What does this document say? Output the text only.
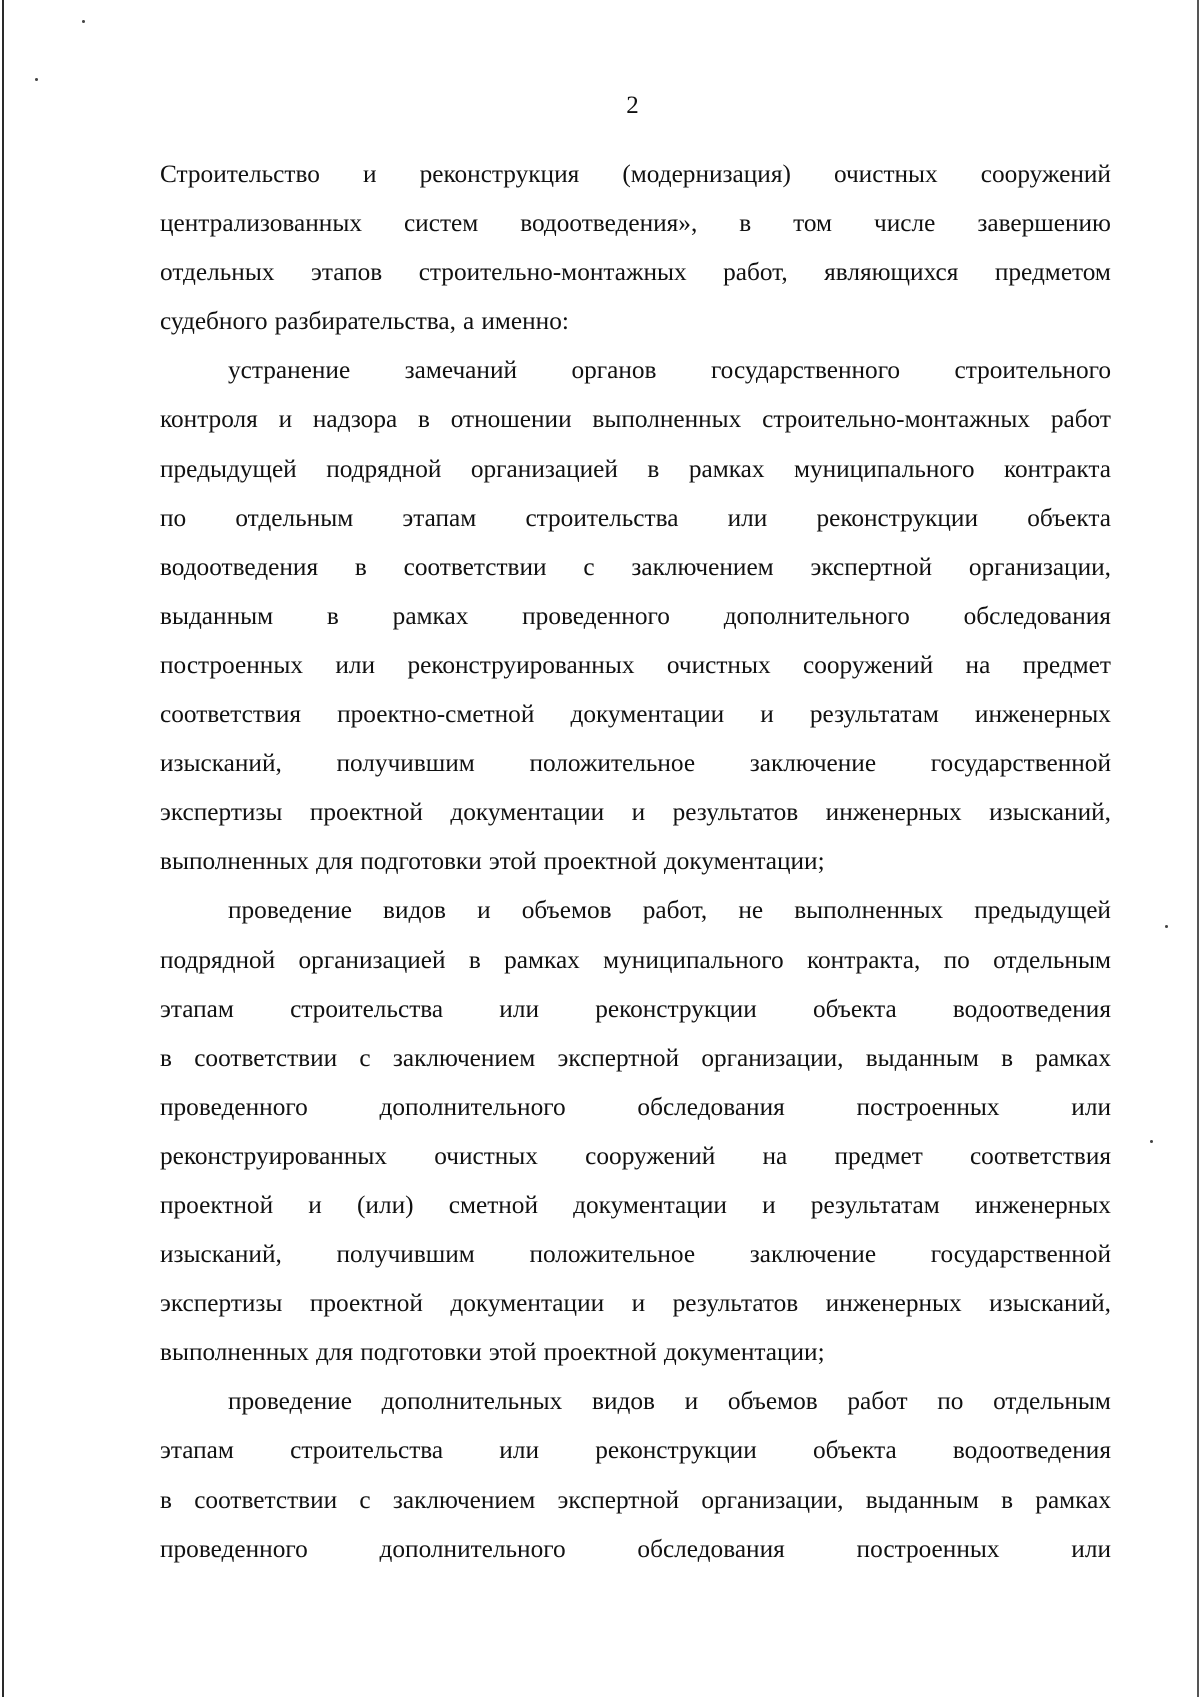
2
Строительство и реконструкция (модернизация) очистных сооружений
централизованных систем водоотведения», в том числе завершению
отдельных этапов строительно-монтажных работ, являющихся предметом
судебного разбирательства, а именно:
устранение замечаний органов государственного строительного
контроля и надзора в отношении выполненных строительно-монтажных работ
предыдущей подрядной организацией в рамках муниципального контракта
по отдельным этапам строительства или реконструкции объекта
водоотведения в соответствии с заключением экспертной организации,
выданным в рамках проведенного дополнительного обследования
построенных или реконструированных очистных сооружений на предмет
соответствия проектно-сметной документации и результатам инженерных
изысканий, получившим положительное заключение государственной
экспертизы проектной документации и результатов инженерных изысканий,
выполненных для подготовки этой проектной документации;
проведение видов и объемов работ, не выполненных предыдущей
подрядной организацией в рамках муниципального контракта, по отдельным
этапам строительства или реконструкции объекта водоотведения
в соответствии с заключением экспертной организации, выданным в рамках
проведенного	дополнительного	обследования	построенных	или
реконструированных очистных сооружений на предмет соответствия
проектной и (или) сметной документации и результатам инженерных
изысканий, получившим положительное заключение государственной
экспертизы проектной документации и результатов инженерных изысканий,
выполненных для подготовки этой проектной документации;
проведение дополнительных видов и объемов работ по отдельным
этапам строительства или реконструкции объекта водоотведения
в соответствии с заключением экспертной организации, выданным в рамках
проведенного	дополнительного	обследования	построенных	или
